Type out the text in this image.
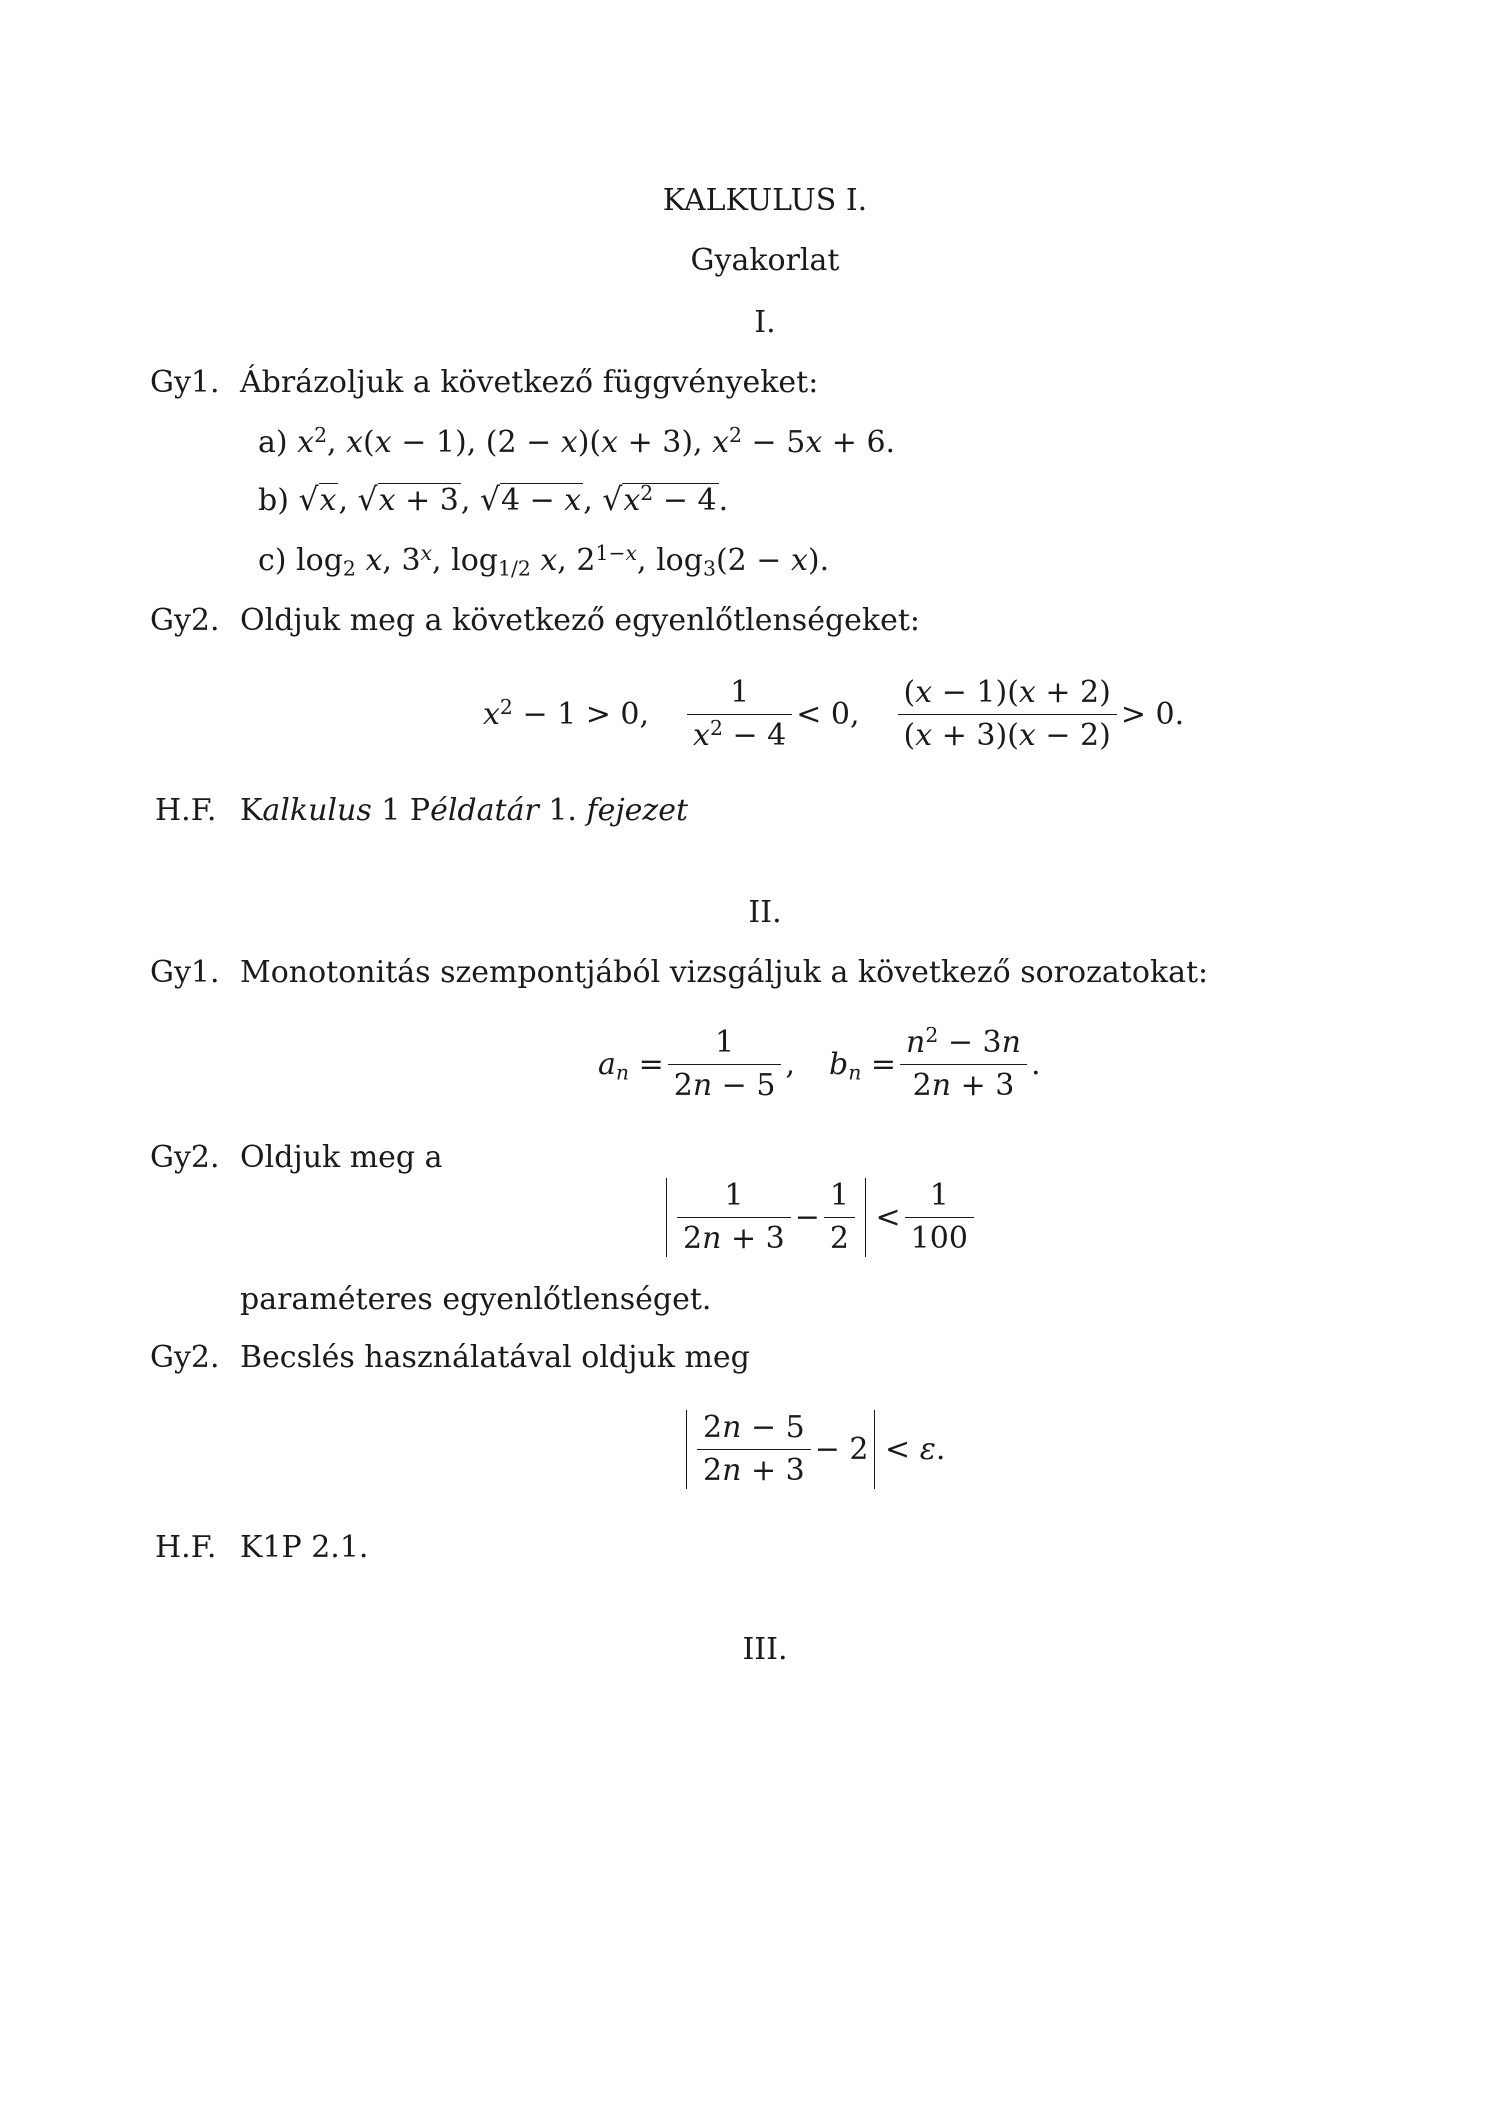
KALKULUS I.
Gyakorlat
I.
Gy1. Ábrázoljuk a következő függvényeket:
a) $x^2$, x(x − 1), (2 − x)(x + 3), $x^2 - 5x + 6$.
b) √x, √x + 3, √4 − x, $√x^2 - 4$.
c) $\log_2 x$, 3$^x$, $\log_{1/2} x$, $2^{1-x}$, $\log_3(2 - x)$.
Gy2. Oldjuk meg a következő egyenlőtlenségeket:
$x^2 - 1 > 0$, $\frac{1}{x^2 - 4} < 0$, $\frac{(x - 1)(x + 2)}{(x + 3)(x - 2)} > 0$.
H.F. Kalkulus 1 Példatár 1. fejezet
II.
Gy1. Monotonitás szempontjából vizsgáljuk a következő sorozatokat:
$a_n = \frac{1}{2n - 5}$ , $b_n = \frac{n^2 - 3n}{2n + 3}$ .
Gy2. Oldjuk meg a
$\frac{1}{2n + 3} - \frac{1}{2} < \frac{1}{100}$
paraméteres egyenlőtlenséget.
Gy2. Becslés használatával oldjuk meg
$\frac{2n - 5}{2n + 3} - 2 < \varepsilon$.
H.F. K1P 2.1.
III.
